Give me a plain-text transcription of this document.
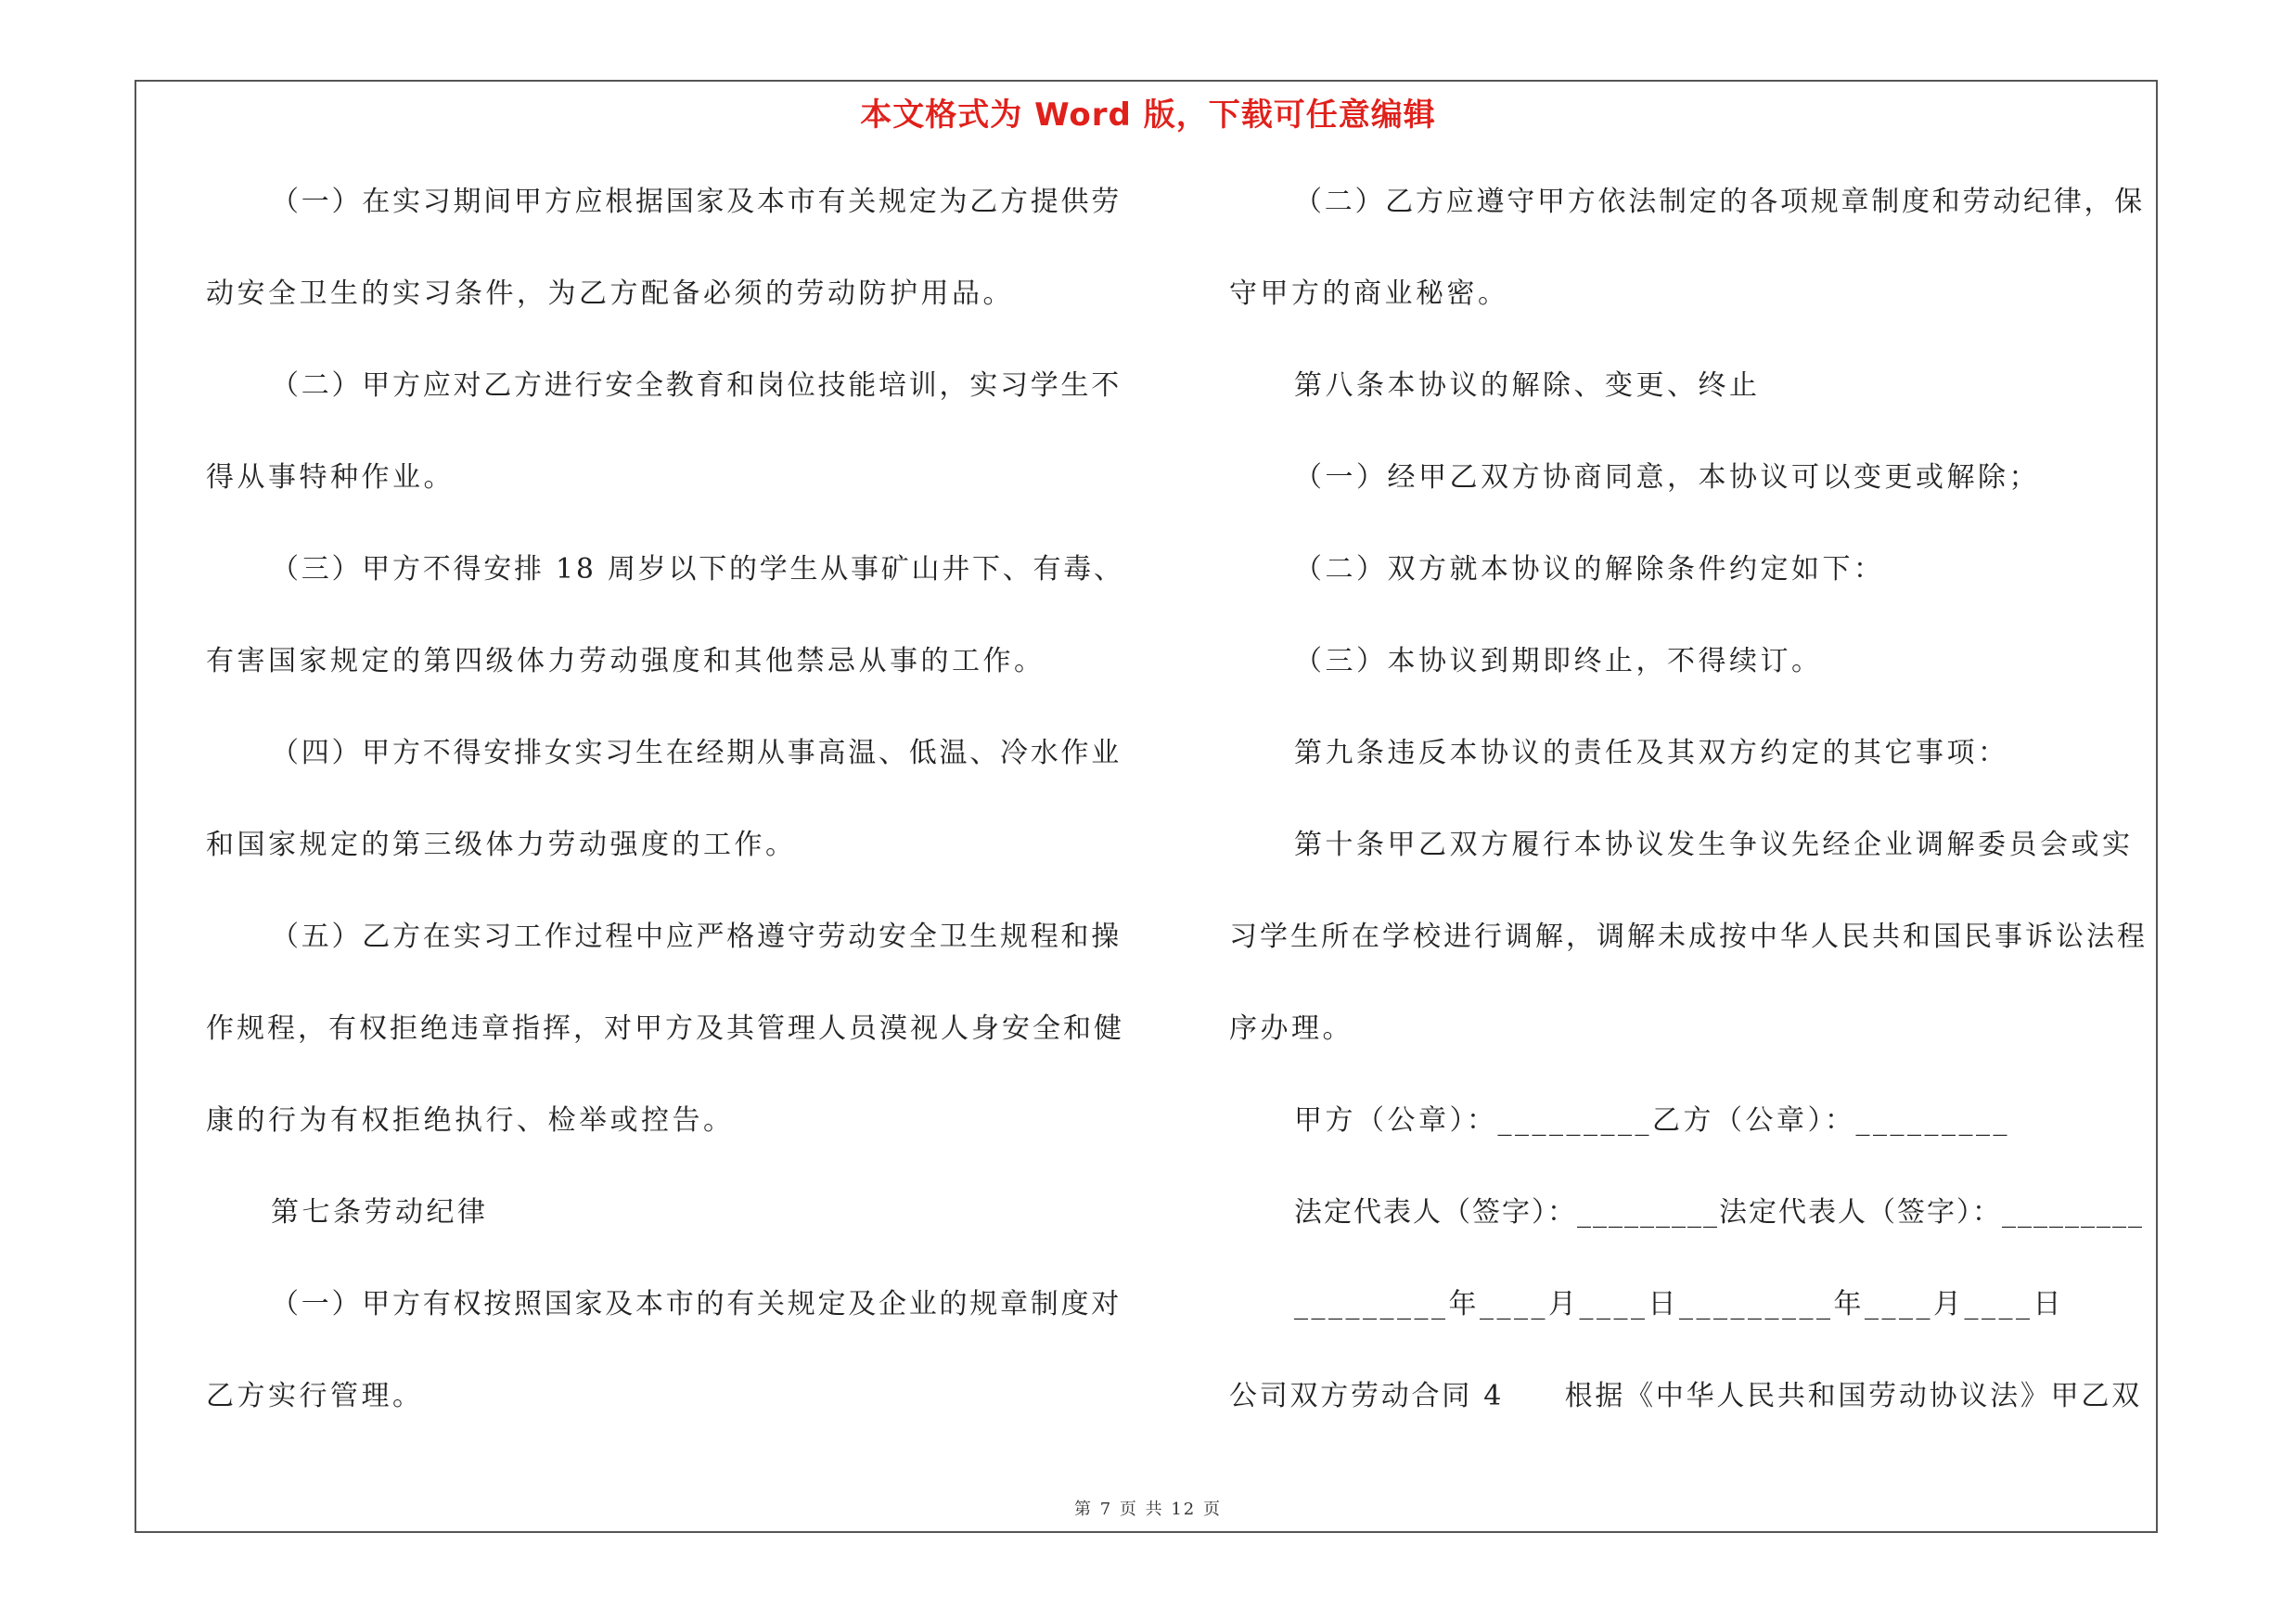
本文格式为 Word 版，下载可任意编辑
（一）在实习期间甲方应根据国家及本市有关规定为乙方提供劳
动安全卫生的实习条件，为乙方配备必须的劳动防护用品。
（二）甲方应对乙方进行安全教育和岗位技能培训，实习学生不
得从事特种作业。
（三）甲方不得安排 18 周岁以下的学生从事矿山井下、有毒、
有害国家规定的第四级体力劳动强度和其他禁忌从事的工作。
（四）甲方不得安排女实习生在经期从事高温、低温、冷水作业
和国家规定的第三级体力劳动强度的工作。
（五）乙方在实习工作过程中应严格遵守劳动安全卫生规程和操
作规程，有权拒绝违章指挥，对甲方及其管理人员漠视人身安全和健
康的行为有权拒绝执行、检举或控告。
第七条劳动纪律
（一）甲方有权按照国家及本市的有关规定及企业的规章制度对
乙方实行管理。
（二）乙方应遵守甲方依法制定的各项规章制度和劳动纪律，保
守甲方的商业秘密。
第八条本协议的解除、变更、终止
（一）经甲乙双方协商同意，本协议可以变更或解除；
（二）双方就本协议的解除条件约定如下：
（三）本协议到期即终止，不得续订。
第九条违反本协议的责任及其双方约定的其它事项：
第十条甲乙双方履行本协议发生争议先经企业调解委员会或实
习学生所在学校进行调解，调解未成按中华人民共和国民事诉讼法程
序办理。
甲方（公章）：_________乙方（公章）：_________
法定代表人（签字）：_________法定代表人（签字）：_________
_________年____月____日_________年____月____日
公司双方劳动合同 4　　根据《中华人民共和国劳动协议法》甲乙双
第 7 页 共 12 页
